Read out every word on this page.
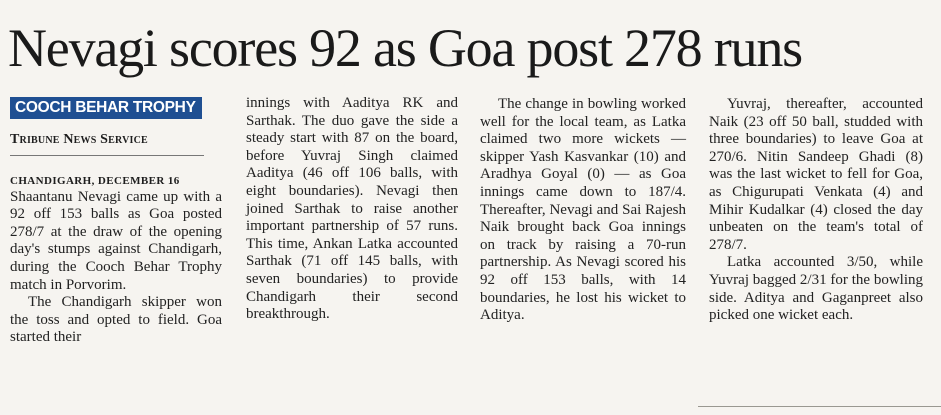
Nevagi scores 92 as Goa post 278 runs
COOCH BEHAR TROPHY
Tribune News Service
CHANDIGARH, DECEMBER 16

Shaantanu Nevagi came up with a 92 off 153 balls as Goa posted 278/7 at the draw of the opening day's stumps against Chandigarh, during the Cooch Behar Trophy match in Porvorim.

The Chandigarh skipper won the toss and opted to field. Goa started their

innings with Aaditya RK and Sarthak. The duo gave the side a steady start with 87 on the board, before Yuvraj Singh claimed Aaditya (46 off 106 balls, with eight boundaries). Nevagi then joined Sarthak to raise another important partnership of 57 runs. This time, Ankan Latka accounted Sarthak (71 off 145 balls, with seven boundaries) to provide Chandigarh their second breakthrough.

The change in bowling worked well for the local team, as Latka claimed two more wickets — skipper Yash Kasvankar (10) and Aradhya Goyal (0) — as Goa innings came down to 187/4. Thereafter, Nevagi and Sai Rajesh Naik brought back Goa innings on track by raising a 70-run partnership. As Nevagi scored his 92 off 153 balls, with 14 boundaries, he lost his wicket to Aditya.

Yuvraj, thereafter, accounted Naik (23 off 50 ball, studded with three boundaries) to leave Goa at 270/6. Nitin Sandeep Ghadi (8) was the last wicket to fell for Goa, as Chigurupati Venkata (4) and Mihir Kudalkar (4) closed the day unbeaten on the team's total of 278/7.

Latka accounted 3/50, while Yuvraj bagged 2/31 for the bowling side. Aditya and Gaganpreet also picked one wicket each.
